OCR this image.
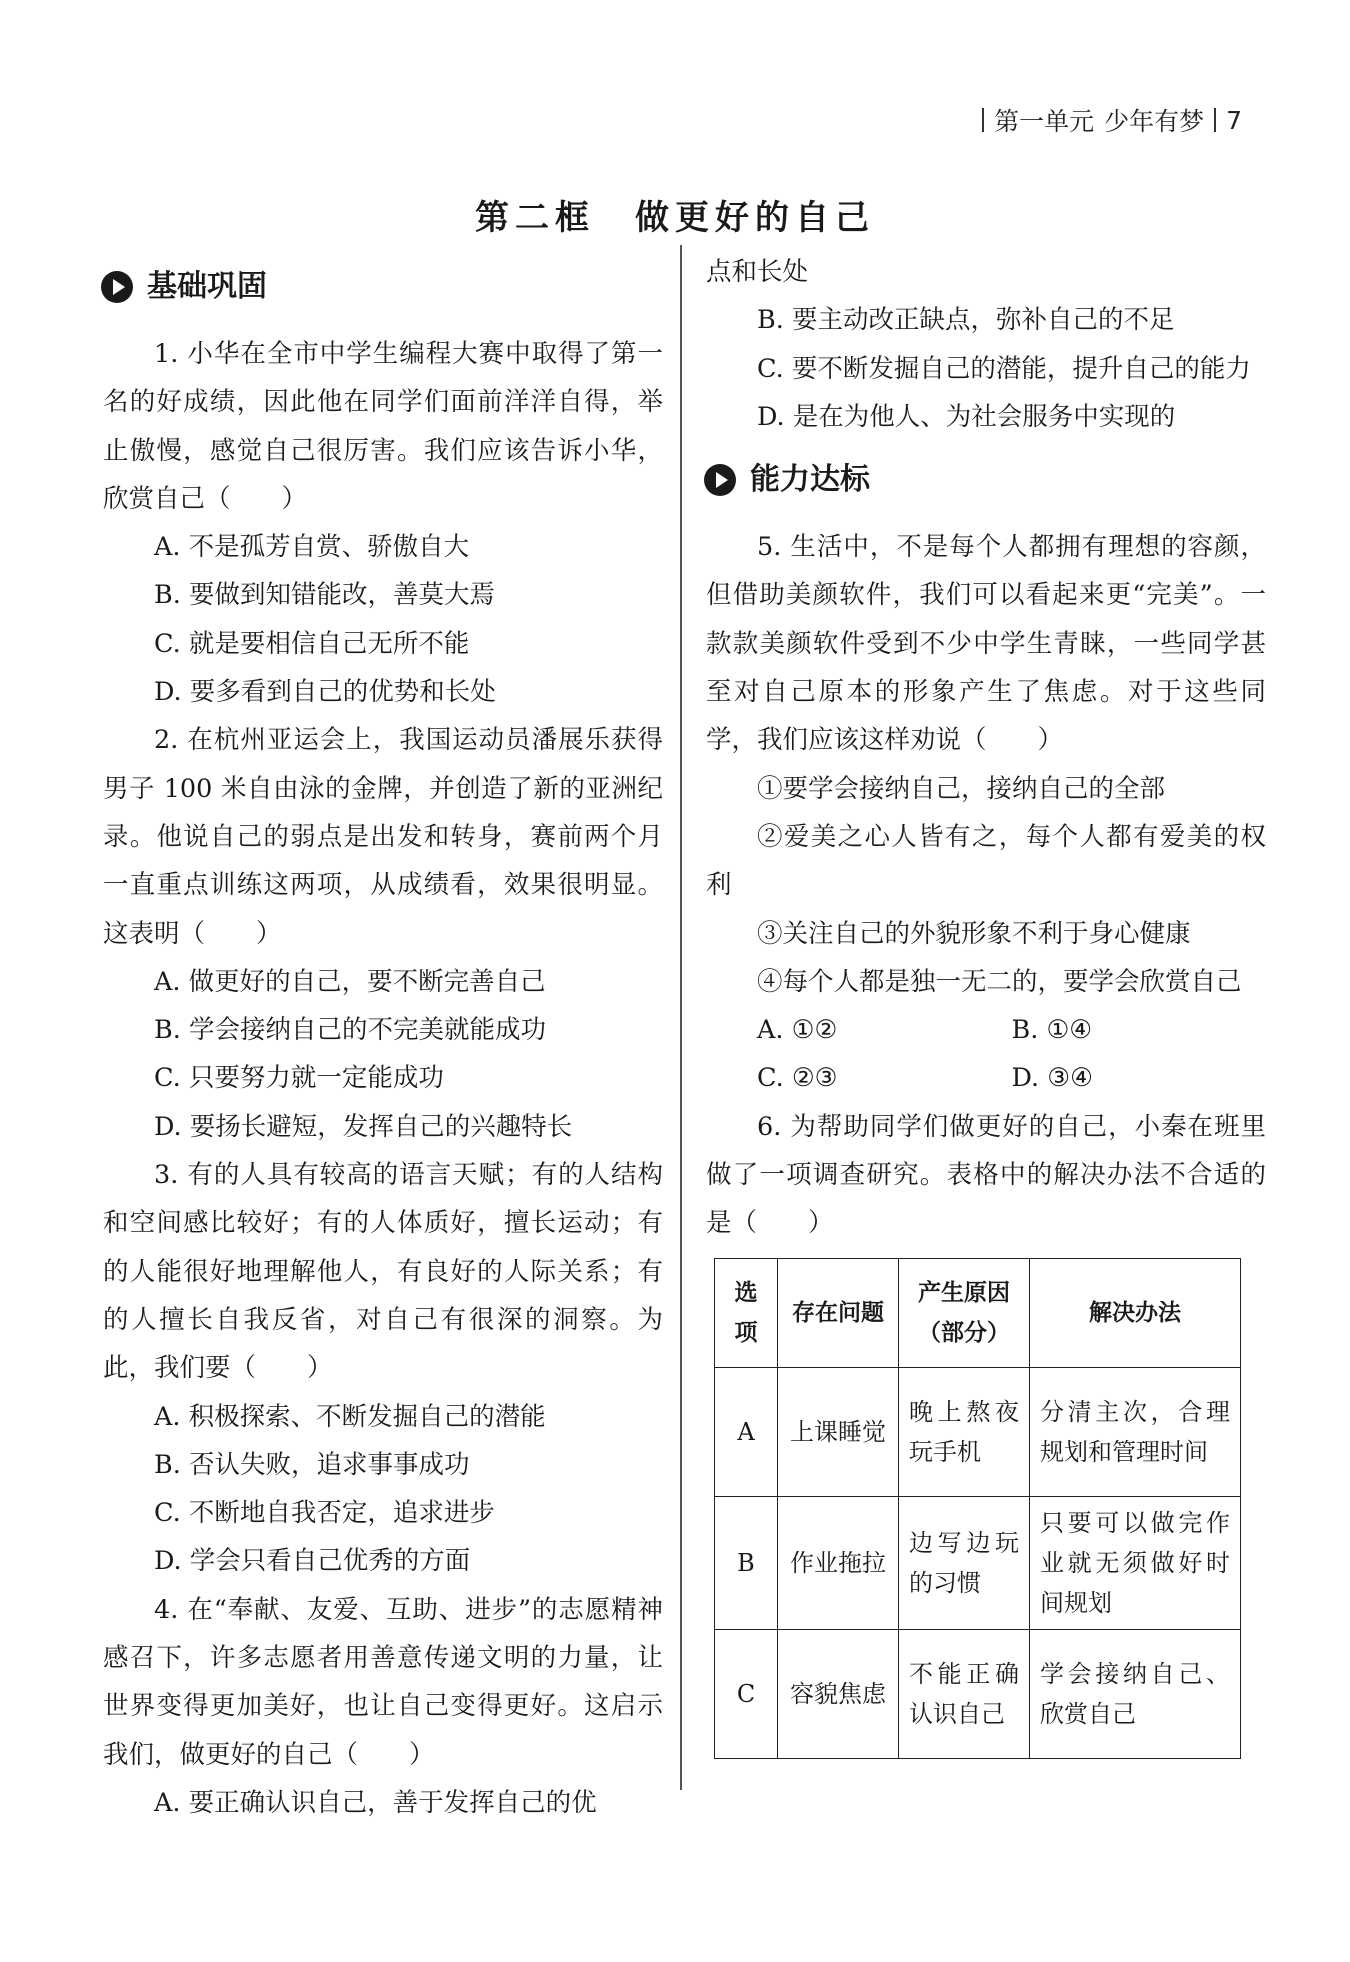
第一单元 少年有梦 7
第二框　做更好的自己
基础巩固

1. 小华在全市中学生编程大赛中取得了第一名的好成绩，因此他在同学们面前洋洋自得，举止傲慢，感觉自己很厉害。我们应该告诉小华，欣赏自己（　　）

A. 不是孤芳自赏、骄傲自大

B. 要做到知错能改，善莫大焉

C. 就是要相信自己无所不能

D. 要多看到自己的优势和长处

2. 在杭州亚运会上，我国运动员潘展乐获得男子 100 米自由泳的金牌，并创造了新的亚洲纪录。他说自己的弱点是出发和转身，赛前两个月一直重点训练这两项，从成绩看，效果很明显。这表明（　　）

A. 做更好的自己，要不断完善自己

B. 学会接纳自己的不完美就能成功

C. 只要努力就一定能成功

D. 要扬长避短，发挥自己的兴趣特长

3. 有的人具有较高的语言天赋；有的人结构和空间感比较好；有的人体质好，擅长运动；有的人能很好地理解他人，有良好的人际关系；有的人擅长自我反省，对自己有很深的洞察。为此，我们要（　　）

A. 积极探索、不断发掘自己的潜能

B. 否认失败，追求事事成功

C. 不断地自我否定，追求进步

D. 学会只看自己优秀的方面

4. 在“奉献、友爱、互助、进步”的志愿精神感召下，许多志愿者用善意传递文明的力量，让世界变得更加美好，也让自己变得更好。这启示我们，做更好的自己（　　）

A. 要正确认识自己，善于发挥自己的优

点和长处

B. 要主动改正缺点，弥补自己的不足

C. 要不断发掘自己的潜能，提升自己的能力

D. 是在为他人、为社会服务中实现的

能力达标

5. 生活中，不是每个人都拥有理想的容颜，但借助美颜软件，我们可以看起来更“完美”。一款款美颜软件受到不少中学生青睐，一些同学甚至对自己原本的形象产生了焦虑。对于这些同学，我们应该这样劝说（　　）

①要学会接纳自己，接纳自己的全部

②爱美之心人皆有之，每个人都有爱美的权利

③关注自己的外貌形象不利于身心健康

④每个人都是独一无二的，要学会欣赏自己

A. ①②	B. ①④
C. ②③	D. ③④

6. 为帮助同学们做更好的自己，小秦在班里做了一项调查研究。表格中的解决办法不合适的是（　　）

选项	存在问题	产生原因（部分）	解决办法
A	上课睡觉	晚上熬夜玩手机	分清主次，合理规划和管理时间
B	作业拖拉	边写边玩的习惯	只要可以做完作业就无须做好时间规划
C	容貌焦虑	不能正确认识自己	学会接纳自己、欣赏自己
